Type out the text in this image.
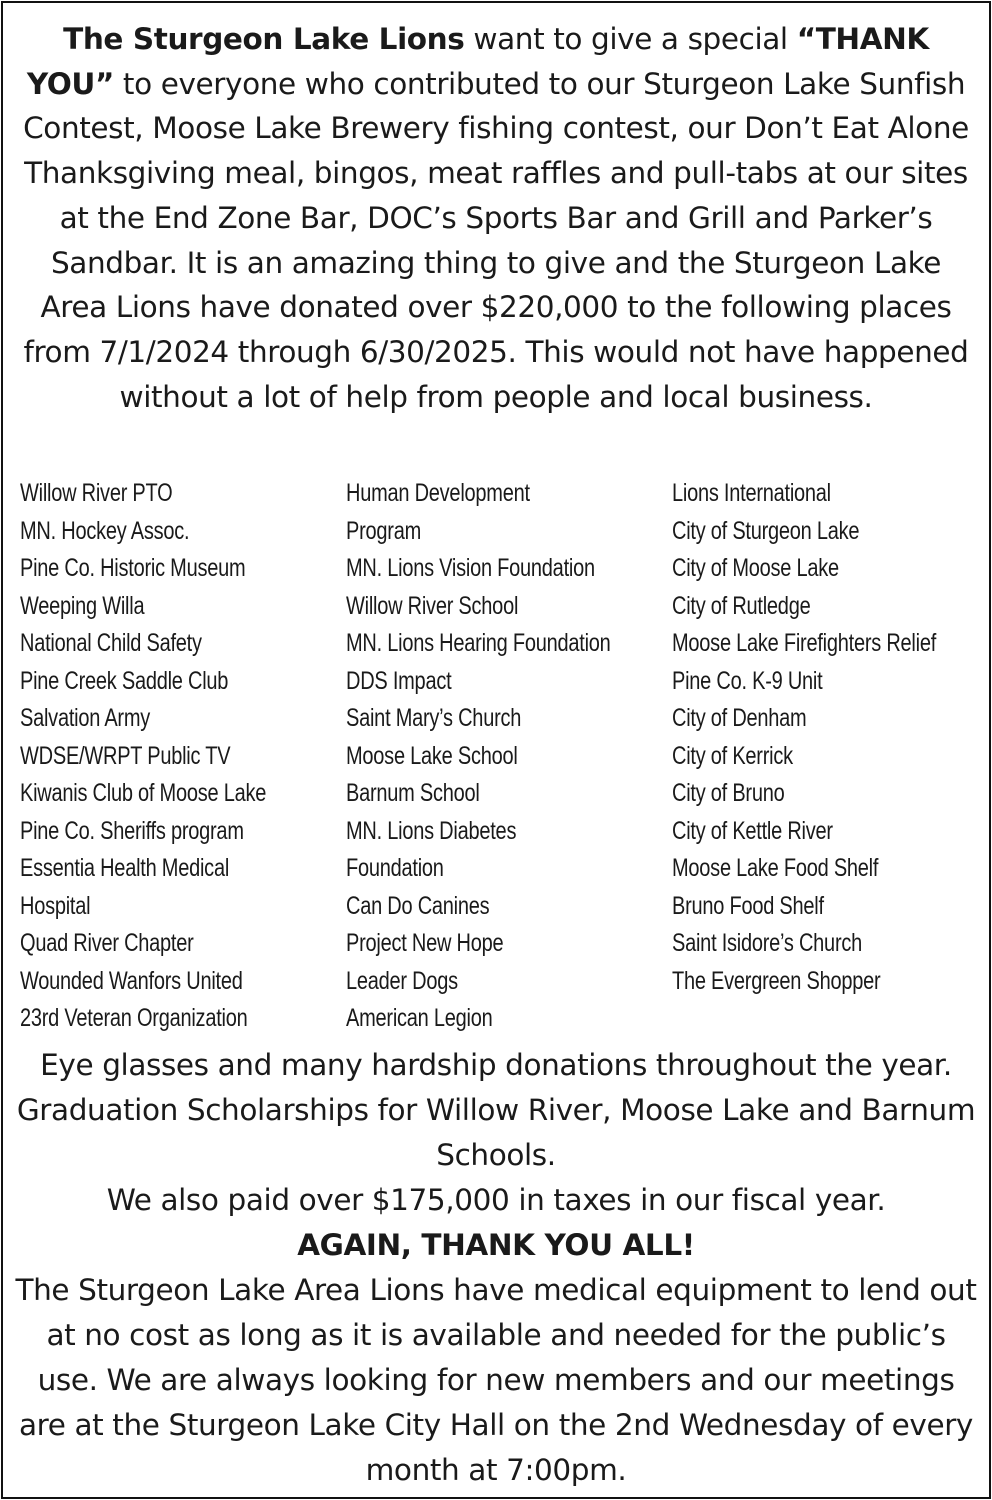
The Sturgeon Lake Lions want to give a special “THANK YOU” to everyone who contributed to our Sturgeon Lake Sunfish Contest, Moose Lake Brewery fishing contest, our Don’t Eat Alone Thanksgiving meal, bingos, meat raffles and pull-tabs at our sites at the End Zone Bar, DOC’s Sports Bar and Grill and Parker’s Sandbar. It is an amazing thing to give and the Sturgeon Lake Area Lions have donated over $220,000 to the following places from 7/1/2024 through 6/30/2025. This would not have happened without a lot of help from people and local business.

Willow River PTO
MN. Hockey Assoc.
Pine Co. Historic Museum
Weeping Willa
National Child Safety
Pine Creek Saddle Club
Salvation Army
WDSE/WRPT Public TV
Kiwanis Club of Moose Lake
Pine Co. Sheriffs program
Essentia Health Medical
Hospital
Quad River Chapter
Wounded Wanfors United
23rd Veteran Organization
Human Development
Program
MN. Lions Vision Foundation
Willow River School
MN. Lions Hearing Foundation
DDS Impact
Saint Mary’s Church
Moose Lake School
Barnum School
MN. Lions Diabetes
Foundation
Can Do Canines
Project New Hope
Leader Dogs
American Legion
Lions International
City of Sturgeon Lake
City of Moose Lake
City of Rutledge
Moose Lake Firefighters Relief
Pine Co. K-9 Unit
City of Denham
City of Kerrick
City of Bruno
City of Kettle River
Moose Lake Food Shelf
Bruno Food Shelf
Saint Isidore’s Church
The Evergreen Shopper

Eye glasses and many hardship donations throughout the year. Graduation Scholarships for Willow River, Moose Lake and Barnum Schools.

We also paid over $175,000 in taxes in our fiscal year.

AGAIN, THANK YOU ALL!

The Sturgeon Lake Area Lions have medical equipment to lend out at no cost as long as it is available and needed for the public’s use. We are always looking for new members and our meetings are at the Sturgeon Lake City Hall on the 2nd Wednesday of every month at 7:00pm.
